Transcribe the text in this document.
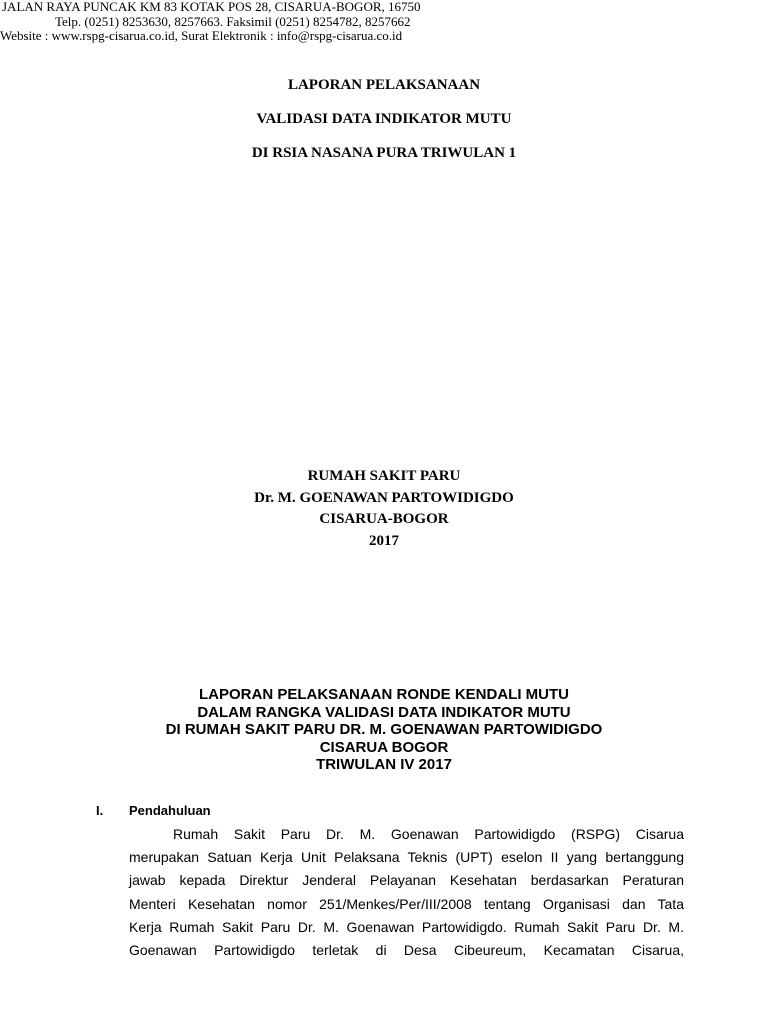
LAPORAN PELAKSANAAN
VALIDASI DATA INDIKATOR MUTU
DI RSIA NASANA PURA TRIWULAN 1
RUMAH SAKIT PARU
Dr. M. GOENAWAN PARTOWIDIGDO
CISARUA-BOGOR
2017
JALAN RAYA PUNCAK KM 83 KOTAK POS 28, CISARUA-BOGOR, 16750
Telp. (0251) 8253630, 8257663. Faksimil (0251) 8254782, 8257662
Website : www.rspg-cisarua.co.id, Surat Elektronik : info@rspg-cisarua.co.id
LAPORAN PELAKSANAAN RONDE KENDALI MUTU
DALAM RANGKA VALIDASI DATA INDIKATOR MUTU
DI RUMAH SAKIT PARU DR. M. GOENAWAN PARTOWIDIGDO
CISARUA BOGOR
TRIWULAN IV 2017
I. Pendahuluan
Rumah Sakit Paru Dr. M. Goenawan Partowidigdo (RSPG) Cisarua
merupakan Satuan Kerja Unit Pelaksana Teknis (UPT) eselon II yang bertanggung
jawab kepada Direktur Jenderal Pelayanan Kesehatan berdasarkan Peraturan
Menteri Kesehatan nomor 251/Menkes/Per/III/2008 tentang Organisasi dan Tata
Kerja Rumah Sakit Paru Dr. M. Goenawan Partowidigdo. Rumah Sakit Paru Dr. M.
Goenawan Partowidigdo terletak di Desa Cibeureum, Kecamatan Cisarua,
